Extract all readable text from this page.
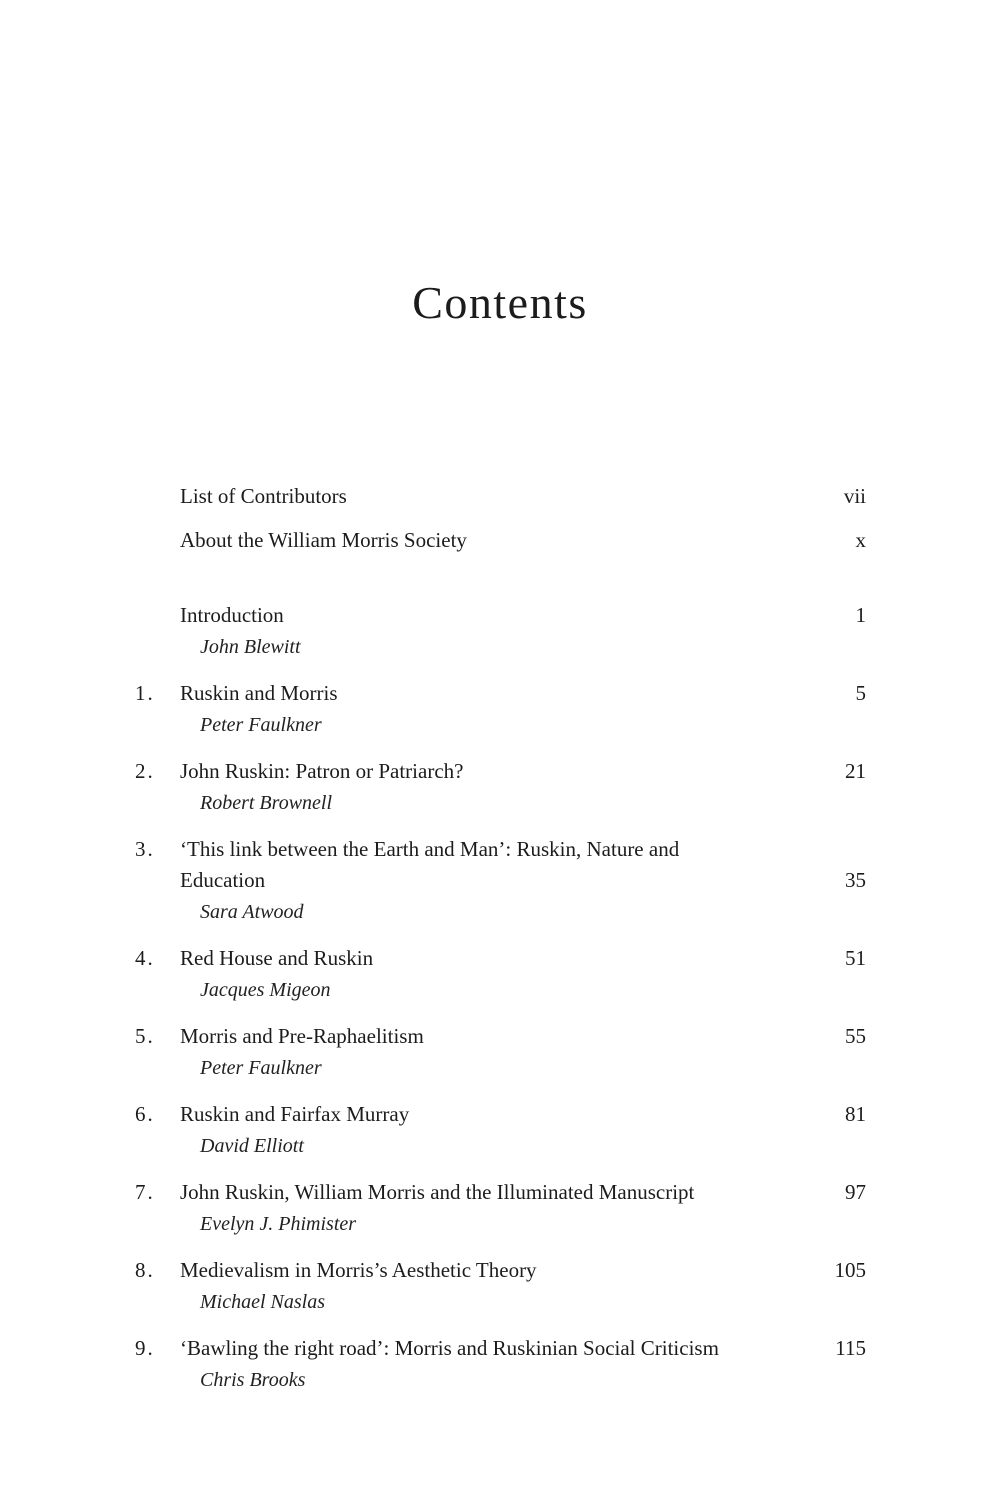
Contents
List of Contributors	vii
About the William Morris Society	x
Introduction	1
John Blewitt
1.	Ruskin and Morris	5
Peter Faulkner
2.	John Ruskin: Patron or Patriarch?	21
Robert Brownell
3.	‘This link between the Earth and Man’: Ruskin, Nature and
Education	35
Sara Atwood
4.	Red House and Ruskin	51
Jacques Migeon
5.	Morris and Pre-Raphaelitism	55
Peter Faulkner
6.	Ruskin and Fairfax Murray	81
David Elliott
7.	John Ruskin, William Morris and the Illuminated Manuscript	97
Evelyn J. Phimister
8.	Medievalism in Morris’s Aesthetic Theory	105
Michael Naslas
9.	‘Bawling the right road’: Morris and Ruskinian Social Criticism	115
Chris Brooks
